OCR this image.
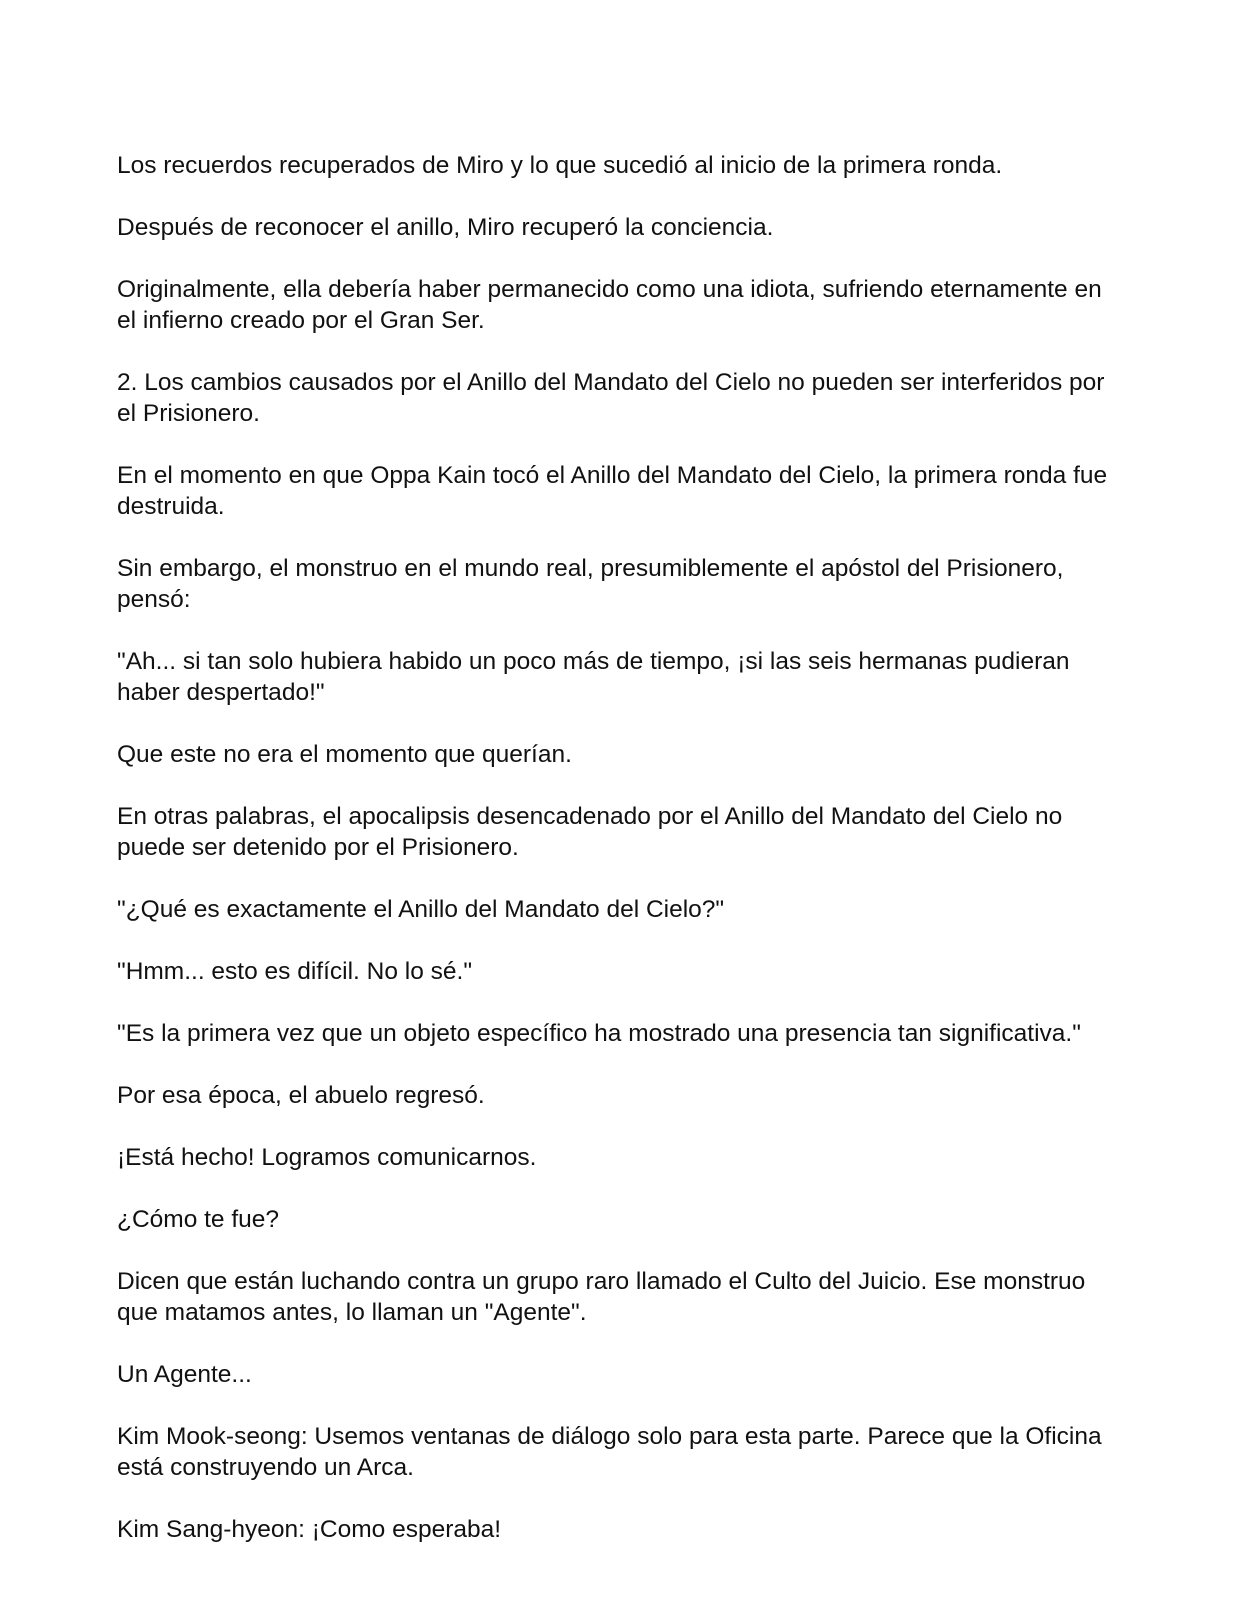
Los recuerdos recuperados de Miro y lo que sucedió al inicio de la primera ronda.

Después de reconocer el anillo, Miro recuperó la conciencia.

Originalmente, ella debería haber permanecido como una idiota, sufriendo eternamente en el infierno creado por el Gran Ser.

2. Los cambios causados por el Anillo del Mandato del Cielo no pueden ser interferidos por el Prisionero.

En el momento en que Oppa Kain tocó el Anillo del Mandato del Cielo, la primera ronda fue destruida.

Sin embargo, el monstruo en el mundo real, presumiblemente el apóstol del Prisionero, pensó:

"Ah... si tan solo hubiera habido un poco más de tiempo, ¡si las seis hermanas pudieran haber despertado!"

Que este no era el momento que querían.

En otras palabras, el apocalipsis desencadenado por el Anillo del Mandato del Cielo no puede ser detenido por el Prisionero.

"¿Qué es exactamente el Anillo del Mandato del Cielo?"

"Hmm... esto es difícil. No lo sé."

"Es la primera vez que un objeto específico ha mostrado una presencia tan significativa."

Por esa época, el abuelo regresó.

¡Está hecho! Logramos comunicarnos.

¿Cómo te fue?

Dicen que están luchando contra un grupo raro llamado el Culto del Juicio. Ese monstruo que matamos antes, lo llaman un "Agente".

Un Agente...

Kim Mook-seong: Usemos ventanas de diálogo solo para esta parte. Parece que la Oficina está construyendo un Arca.

Kim Sang-hyeon: ¡Como esperaba!
